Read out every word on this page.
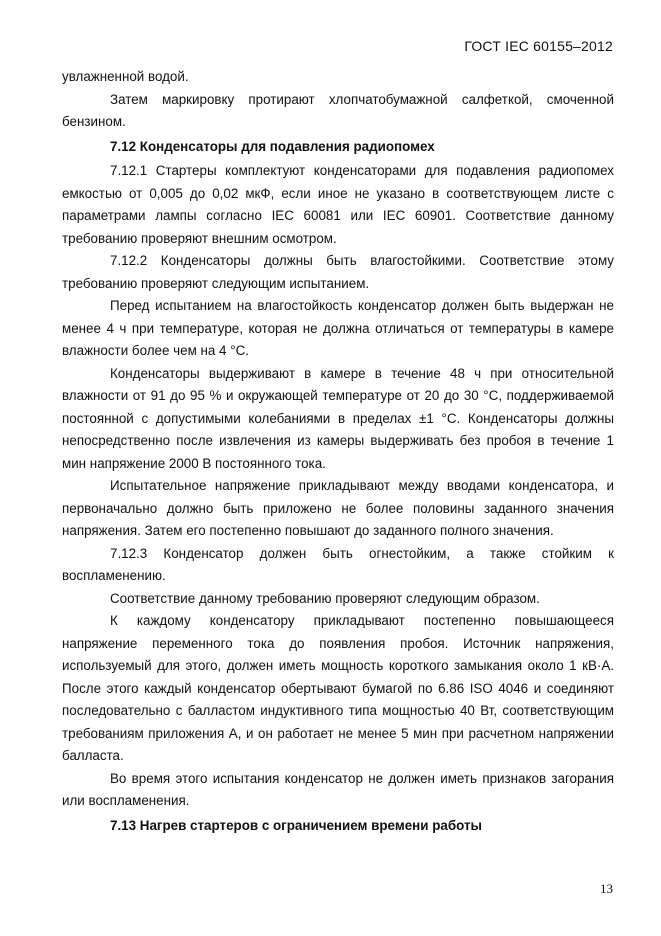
ГОСТ IEC 60155–2012

увлажненной водой.

Затем маркировку протирают хлопчатобумажной салфеткой, смоченной бензином.

7.12 Конденсаторы для подавления радиопомех

7.12.1 Стартеры комплектуют конденсаторами для подавления радиопомех емкостью от 0,005 до 0,02 мкФ, если иное не указано в соответствующем листе с параметрами лампы согласно IEC 60081 или IEC 60901. Соответствие данному требованию проверяют внешним осмотром.

7.12.2 Конденсаторы должны быть влагостойкими. Соответствие этому требованию проверяют следующим испытанием.

Перед испытанием на влагостойкость конденсатор должен быть выдержан не менее 4 ч при температуре, которая не должна отличаться от температуры в камере влажности более чем на 4 °C.

Конденсаторы выдерживают в камере в течение 48 ч при относительной влажности от 91 до 95 % и окружающей температуре от 20 до 30 °C, поддерживаемой постоянной с допустимыми колебаниями в пределах ±1 °C. Конденсаторы должны непосредственно после извлечения из камеры выдерживать без пробоя в течение 1 мин напряжение 2000 В постоянного тока.

Испытательное напряжение прикладывают между вводами конденсатора, и первоначально должно быть приложено не более половины заданного значения напряжения. Затем его постепенно повышают до заданного полного значения.

7.12.3 Конденсатор должен быть огнестойким, а также стойким к воспламенению.

Соответствие данному требованию проверяют следующим образом.

К каждому конденсатору прикладывают постепенно повышающееся напряжение переменного тока до появления пробоя. Источник напряжения, используемый для этого, должен иметь мощность короткого замыкания около 1 кВ·А. После этого каждый конденсатор обертывают бумагой по 6.86 ISO 4046 и соединяют последовательно с балластом индуктивного типа мощностью 40 Вт, соответствующим требованиям приложения А, и он работает не менее 5 мин при расчетном напряжении балласта.

Во время этого испытания конденсатор не должен иметь признаков загорания или воспламенения.

7.13 Нагрев стартеров с ограничением времени работы

13
